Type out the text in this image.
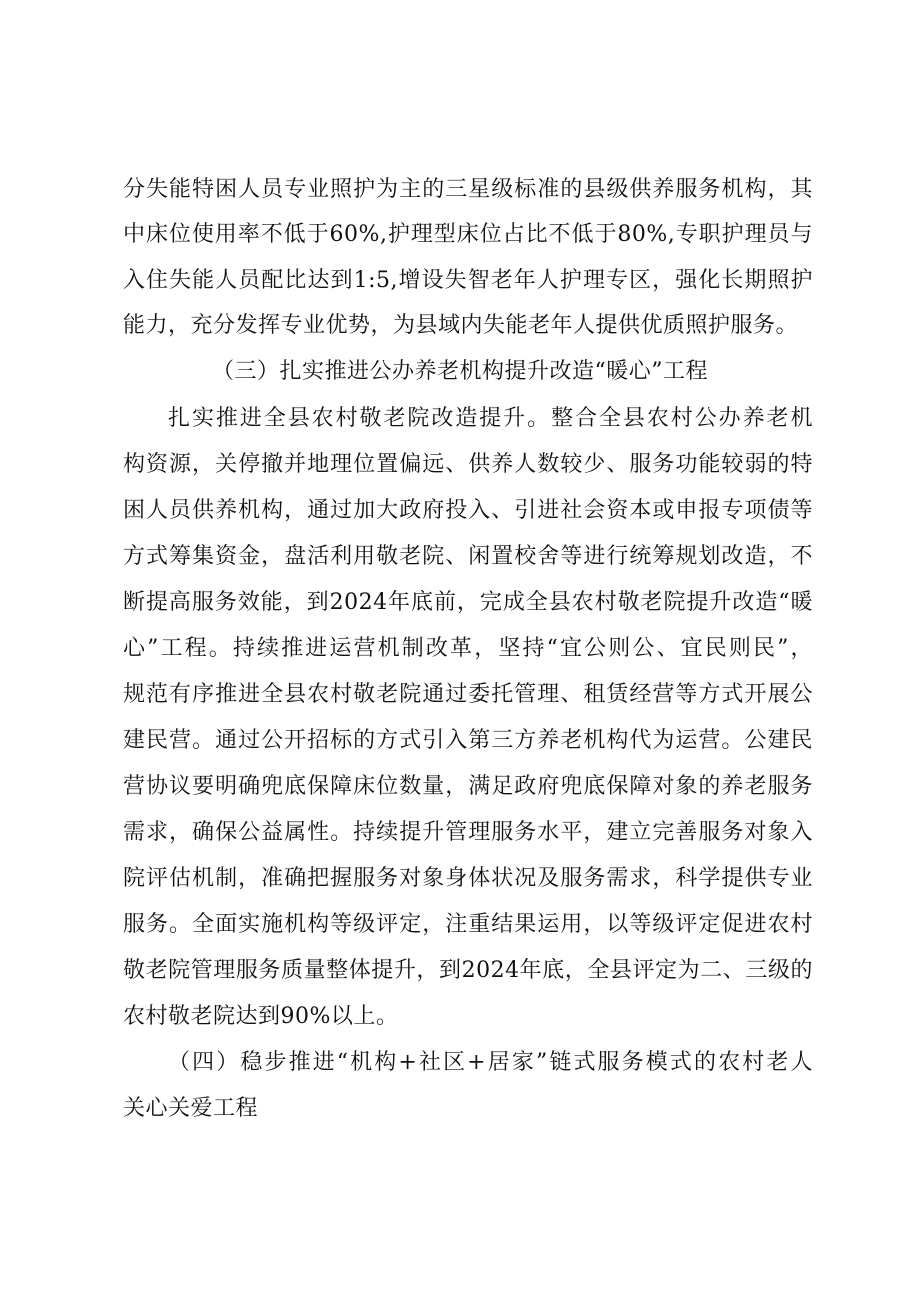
分失能特困人员专业照护为主的三星级标准的县级供养服务机构，其
中床位使用率不低于60%,护理型床位占比不低于80%,专职护理员与
入住失能人员配比达到1:5,增设失智老年人护理专区，强化长期照护
能力，充分发挥专业优势，为县域内失能老年人提供优质照护服务。
（三）扎实推进公办养老机构提升改造“暖心”工程
扎实推进全县农村敬老院改造提升。整合全县农村公办养老机
构资源，关停撤并地理位置偏远、供养人数较少、服务功能较弱的特
困人员供养机构，通过加大政府投入、引进社会资本或申报专项债等
方式筹集资金，盘活利用敬老院、闲置校舍等进行统筹规划改造，不
断提高服务效能，到2024年底前，完成全县农村敬老院提升改造“暖
心”工程。持续推进运营机制改革，坚持“宜公则公、宜民则民”，
规范有序推进全县农村敬老院通过委托管理、租赁经营等方式开展公
建民营。通过公开招标的方式引入第三方养老机构代为运营。公建民
营协议要明确兜底保障床位数量，满足政府兜底保障对象的养老服务
需求，确保公益属性。持续提升管理服务水平，建立完善服务对象入
院评估机制，准确把握服务对象身体状况及服务需求，科学提供专业
服务。全面实施机构等级评定，注重结果运用，以等级评定促进农村
敬老院管理服务质量整体提升，到2024年底，全县评定为二、三级的
农村敬老院达到90%以上。
（四）稳步推进“机构+社区+居家”链式服务模式的农村老人
关心关爱工程
